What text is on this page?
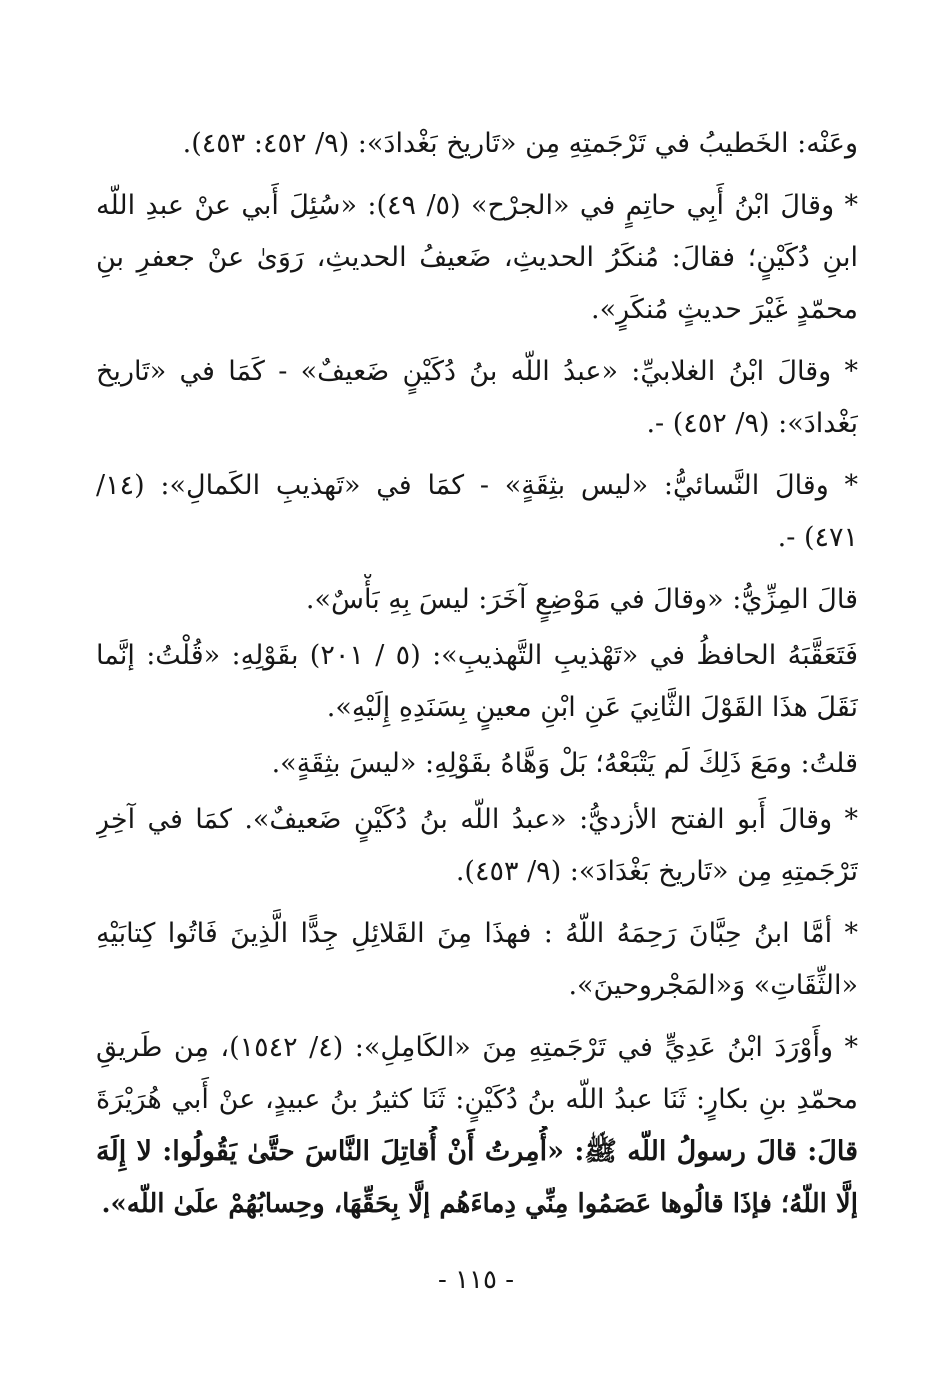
وعَنْه: الخَطيبُ في تَرْجَمتِهِ مِن «تَاريخ بَغْدادَ»: (٩/ ٤٥٢: ٤٥٣).
* وقالَ ابْنُ أَبِي حاتِمٍ في «الجرْح» (٥/ ٤٩): «سُئِلَ أَبي عنْ عبدِ اللّه
ابنِ دُكَيْنٍ؛ فقالَ: مُنكَرُ الحديثِ، ضَعيفُ الحديثِ، رَوَىٰ عنْ جعفرِ بنِ
محمّدٍ غَيْرَ حديثٍ مُنكَرٍ».
* وقالَ ابْنُ الغلابيِّ: «عبدُ اللّه بنُ دُكَيْنٍ ضَعيفٌ» - كَمَا في «تَاريخ
بَغْدادَ»: (٩/ ٤٥٢) -.
* وقالَ النَّسائيُّ: «ليس بثِقَةٍ» - كمَا في «تَهذيبِ الكَمالِ»: (١٤/
٤٧١) -.
قالَ المِزِّيُّ: «وقالَ في مَوْضِعٍ آخَرَ: ليسَ بِهِ بَأْسٌ».
فَتَعَقَّبَهُ الحافظُ في «تَهْذيبِ التَّهذيبِ»: (٥ / ٢٠١) بقَوْلِهِ: «قُلْتُ: إنَّما
نَقَلَ هذَا القَوْلَ الثَّانِيَ عَنِ ابْنِ معينٍ بِسَنَدِهِ إِلَيْهِ».
قلتُ: ومَعَ ذَلِكَ لَم يَتْبَعْهُ؛ بَلْ وَهَّاهُ بقَوْلِهِ: «ليسَ بثِقَةٍ».
* وقالَ أَبو الفتح الأزديُّ: «عبدُ اللّه بنُ دُكَيْنٍ ضَعيفٌ». كمَا في آخِرِ
تَرْجَمتِهِ مِن «تَاريخ بَغْدَادَ»: (٩/ ٤٥٣).
* أمَّا ابنُ حِبَّانَ رَحِمَهُ اللّهُ : فهذَا مِنَ القَلائِلِ جِدًّا الَّذِينَ فَاتُوا كِتابَيْهِ
«الثِّقَاتِ» وَ«المَجْروحينَ».
* وأَوْرَدَ ابْنُ عَدِيٍّ في تَرْجَمتِهِ مِنَ «الكَامِلِ»: (٤/ ١٥٤٢)، مِن طَريقِ
محمّدِ بنِ بكارٍ: ثَنَا عبدُ اللّه بنُ دُكَيْنٍ: ثَنَا كثيرُ بنُ عبيدٍ، عنْ أَبي هُرَيْرَةَ
قالَ: قالَ رسولُ اللّه ﷺ: «أُمِرتُ أَنْ أُقاتِلَ النَّاسَ حتَّىٰ يَقُولُوا: لا إِلَهَ
إلَّا اللّهُ؛ فإذَا قالُوها عَصَمُوا مِنِّي دِماءَهُم إلَّا بِحَقِّهَا، وحِسابُهُمْ علَىٰ اللّه».
- ١١٥ -
